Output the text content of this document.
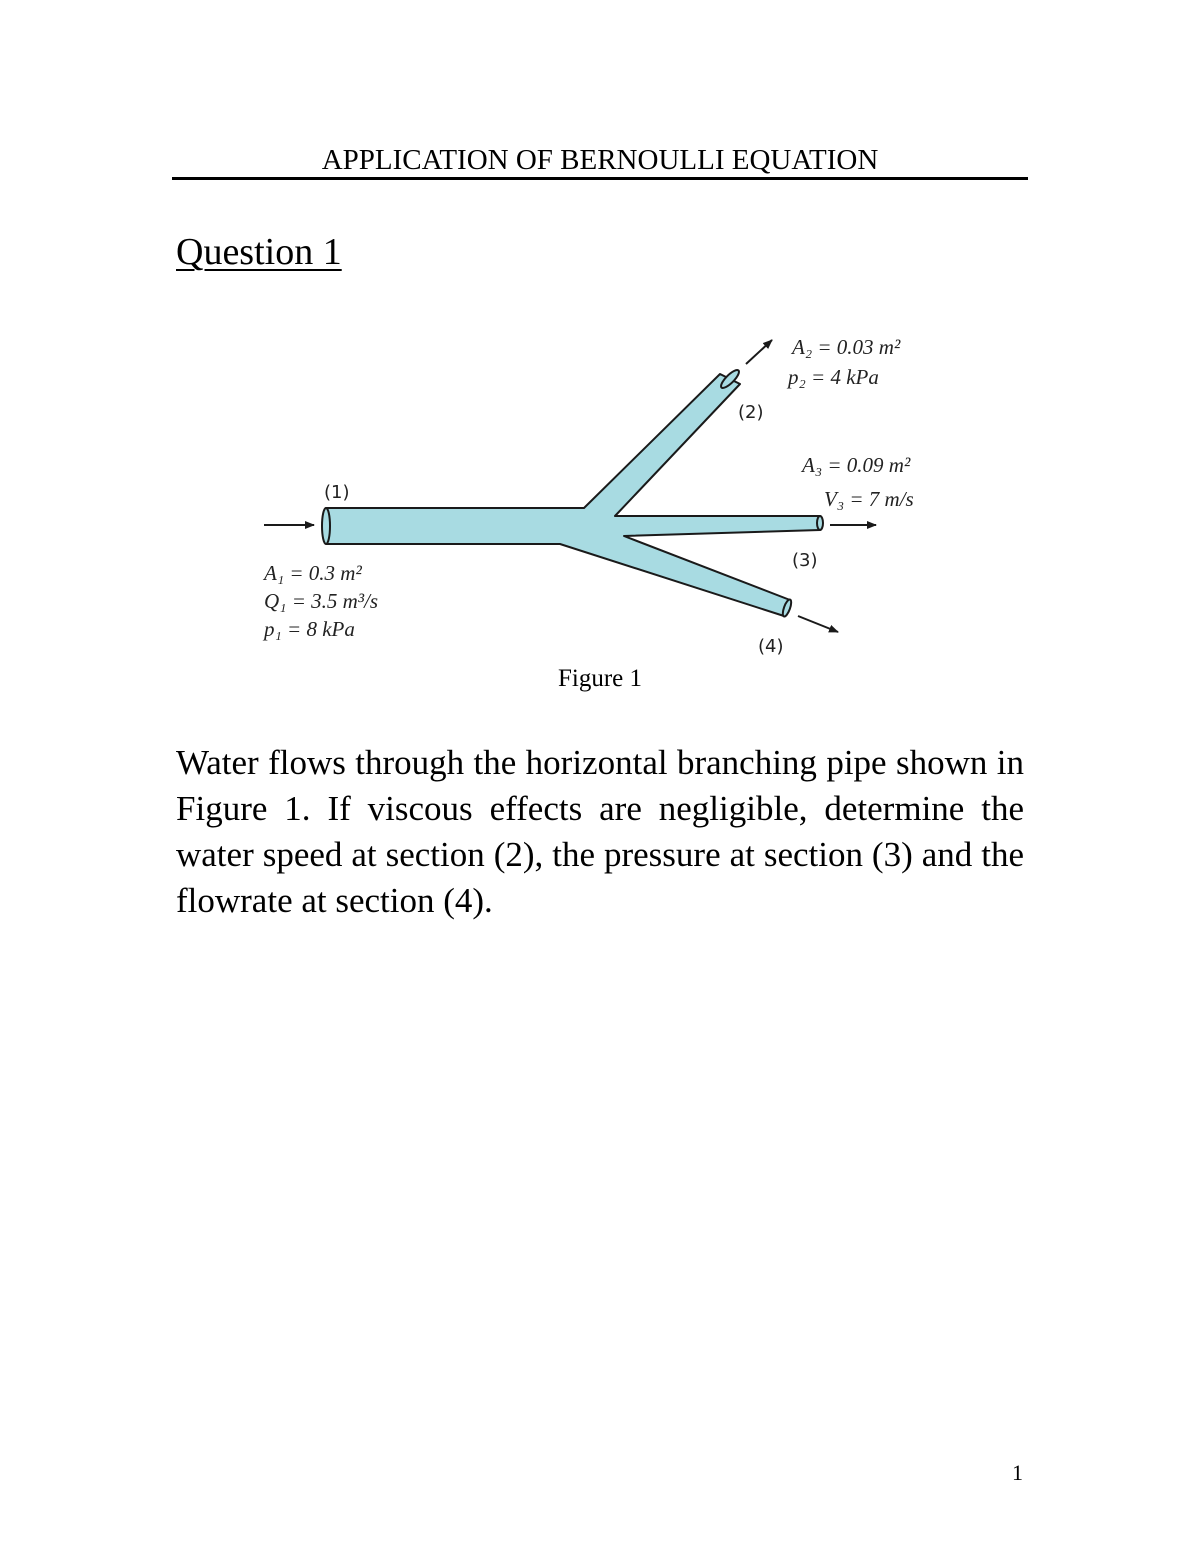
APPLICATION OF BERNOULLI EQUATION
Question 1
(1)
(2)
(3)
(4)
A₁ = 0.3 m²
Q₁ = 3.5 m³/s
p₁ = 8 kPa
A₂ = 0.03 m²
p₂ = 4 kPa
A₃ = 0.09 m²
V₃ = 7 m/s
Figure 1
Water flows through the horizontal branching pipe shown in Figure 1. If viscous effects are negligible, determine the water speed at section (2), the pressure at section (3) and the flowrate at section (4).
1
